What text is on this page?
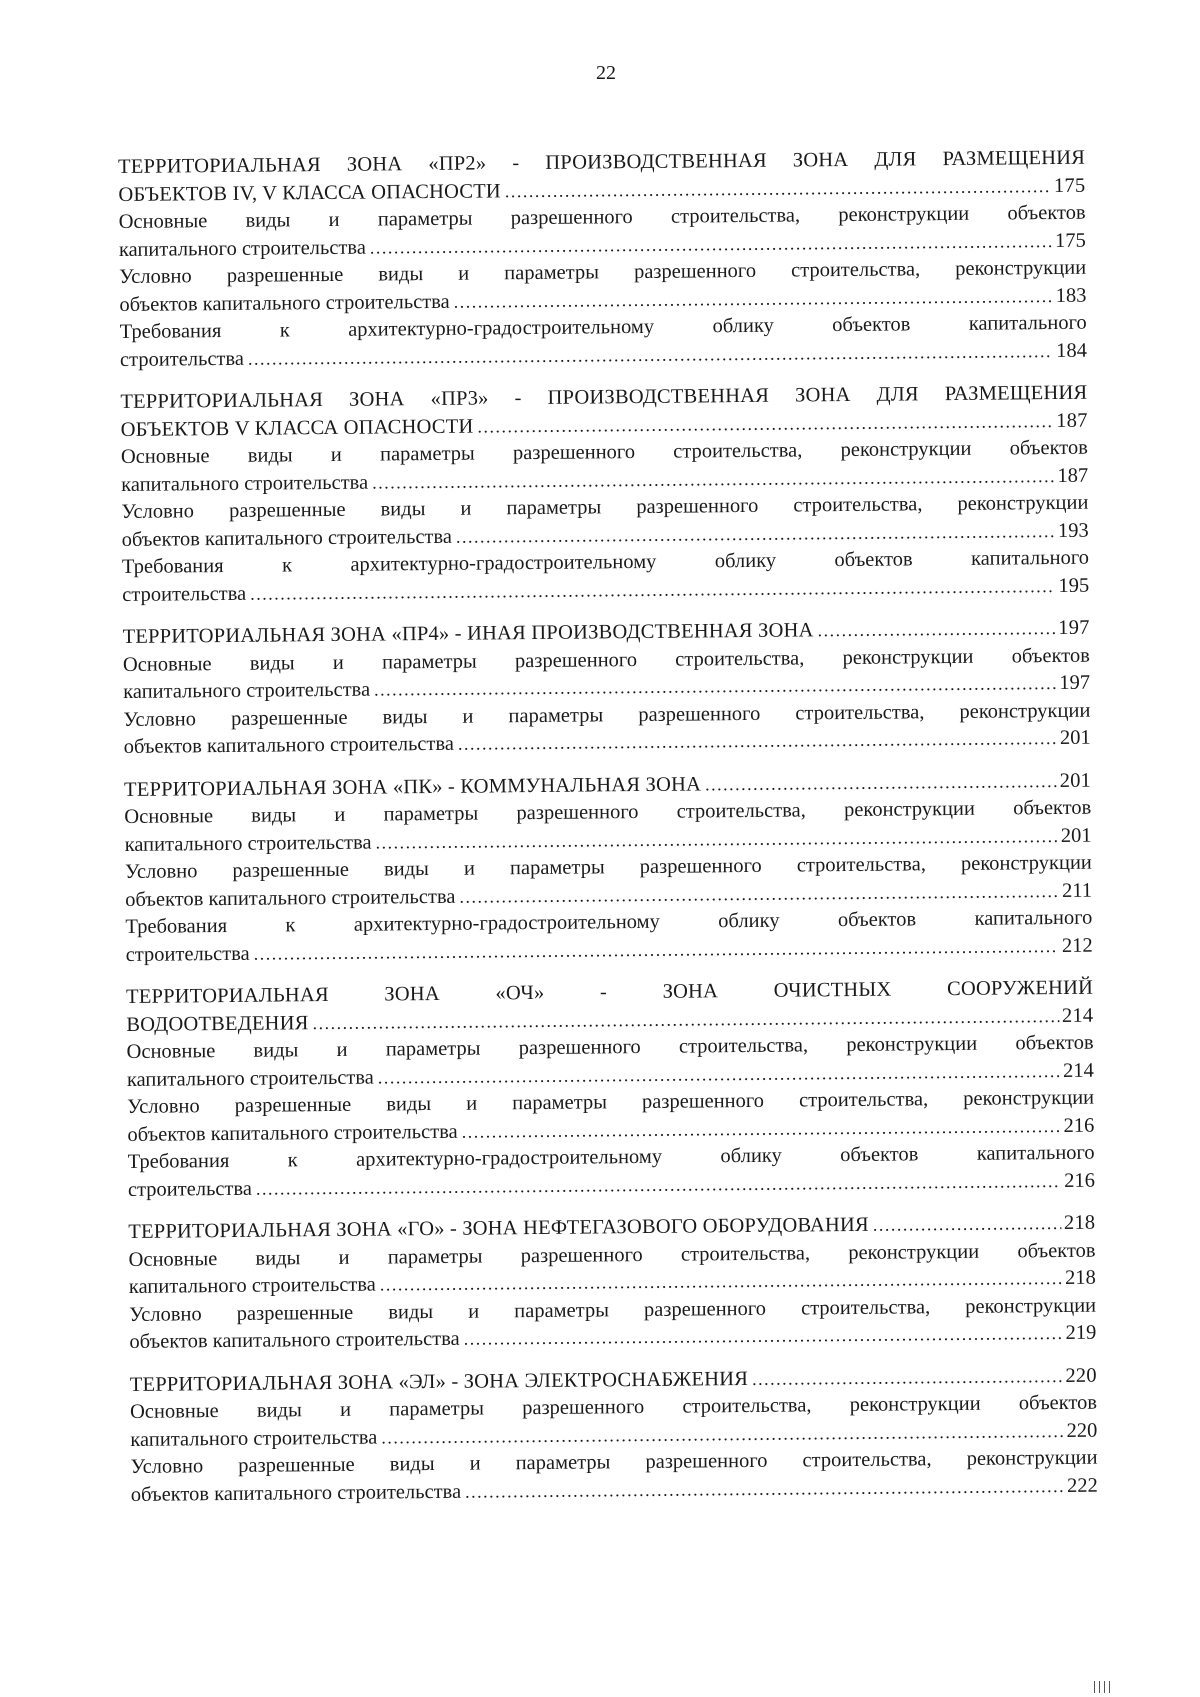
22
ТЕРРИТОРИАЛЬНАЯ ЗОНА «ПР2» - ПРОИЗВОДСТВЕННАЯ ЗОНА ДЛЯ РАЗМЕЩЕНИЯ
ОБЪЕКТОВ IV, V КЛАССА ОПАСНОСТИ .....	175
Основные виды и параметры разрешенного строительства, реконструкции объектов
капитального строительства .....	175
Условно разрешенные виды и параметры разрешенного строительства, реконструкции
объектов капитального строительства .....	183
Требования к архитектурно-градостроительному облику объектов капитального
строительства .....	184
ТЕРРИТОРИАЛЬНАЯ ЗОНА «ПР3» - ПРОИЗВОДСТВЕННАЯ ЗОНА ДЛЯ РАЗМЕЩЕНИЯ
ОБЪЕКТОВ V КЛАССА ОПАСНОСТИ .....	187
Основные виды и параметры разрешенного строительства, реконструкции объектов
капитального строительства .....	187
Условно разрешенные виды и параметры разрешенного строительства, реконструкции
объектов капитального строительства .....	193
Требования к архитектурно-градостроительному облику объектов капитального
строительства .....	195
ТЕРРИТОРИАЛЬНАЯ ЗОНА «ПР4» - ИНАЯ ПРОИЗВОДСТВЕННАЯ ЗОНА .....	197
Основные виды и параметры разрешенного строительства, реконструкции объектов
капитального строительства .....	197
Условно разрешенные виды и параметры разрешенного строительства, реконструкции
объектов капитального строительства .....	201
ТЕРРИТОРИАЛЬНАЯ ЗОНА «ПК» - КОММУНАЛЬНАЯ ЗОНА .....	201
Основные виды и параметры разрешенного строительства, реконструкции объектов
капитального строительства .....	201
Условно разрешенные виды и параметры разрешенного строительства, реконструкции
объектов капитального строительства .....	211
Требования к архитектурно-градостроительному облику объектов капитального
строительства .....	212
ТЕРРИТОРИАЛЬНАЯ ЗОНА «ОЧ» - ЗОНА ОЧИСТНЫХ СООРУЖЕНИЙ
ВОДООТВЕДЕНИЯ .....	214
Основные виды и параметры разрешенного строительства, реконструкции объектов
капитального строительства .....	214
Условно разрешенные виды и параметры разрешенного строительства, реконструкции
объектов капитального строительства .....	216
Требования к архитектурно-градостроительному облику объектов капитального
строительства .....	216
ТЕРРИТОРИАЛЬНАЯ ЗОНА «ГО» - ЗОНА НЕФТЕГАЗОВОГО ОБОРУДОВАНИЯ .....	218
Основные виды и параметры разрешенного строительства, реконструкции объектов
капитального строительства .....	218
Условно разрешенные виды и параметры разрешенного строительства, реконструкции
объектов капитального строительства .....	219
ТЕРРИТОРИАЛЬНАЯ ЗОНА «ЭЛ» - ЗОНА ЭЛЕКТРОСНАБЖЕНИЯ .....	220
Основные виды и параметры разрешенного строительства, реконструкции объектов
капитального строительства .....	220
Условно разрешенные виды и параметры разрешенного строительства, реконструкции
объектов капитального строительства .....	222
